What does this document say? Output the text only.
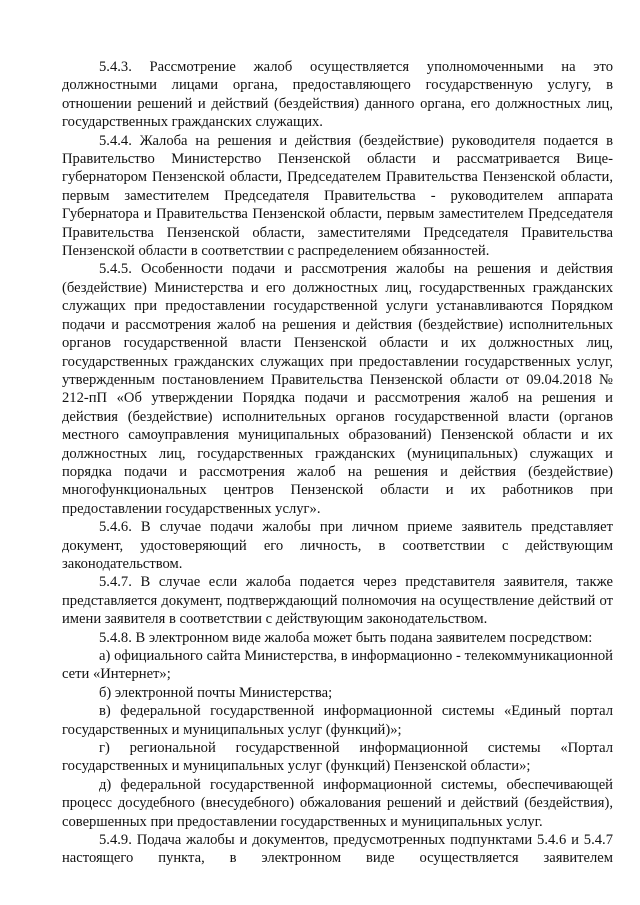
5.4.3. Рассмотрение жалоб осуществляется уполномоченными на это должностными лицами органа, предоставляющего государственную услугу, в отношении решений и действий (бездействия) данного органа, его должностных лиц, государственных гражданских служащих.

5.4.4. Жалоба на решения и действия (бездействие) руководителя подается в Правительство Министерство Пензенской области и рассматривается Вице-губернатором Пензенской области, Председателем Правительства Пензенской области, первым заместителем Председателя Правительства - руководителем аппарата Губернатора и Правительства Пензенской области, первым заместителем Председателя Правительства Пензенской области, заместителями Председателя Правительства Пензенской области в соответствии с распределением обязанностей.

5.4.5. Особенности подачи и рассмотрения жалобы на решения и действия (бездействие) Министерства и его должностных лиц, государственных гражданских служащих при предоставлении государственной услуги устанавливаются Порядком подачи и рассмотрения жалоб на решения и действия (бездействие) исполнительных органов государственной власти Пензенской области и их должностных лиц, государственных гражданских служащих при предоставлении государственных услуг, утвержденным постановлением Правительства Пензенской области от 09.04.2018 № 212-пП «Об утверждении Порядка подачи и рассмотрения жалоб на решения и действия (бездействие) исполнительных органов государственной власти (органов местного самоуправления муниципальных образований) Пензенской области и их должностных лиц, государственных гражданских (муниципальных) служащих и порядка подачи и рассмотрения жалоб на решения и действия (бездействие) многофункциональных центров Пензенской области и их работников при предоставлении государственных услуг».

5.4.6. В случае подачи жалобы при личном приеме заявитель представляет документ, удостоверяющий его личность, в соответствии с действующим законодательством.

5.4.7. В случае если жалоба подается через представителя заявителя, также представляется документ, подтверждающий полномочия на осуществление действий от имени заявителя в соответствии с действующим законодательством.

5.4.8. В электронном виде жалоба может быть подана заявителем посредством:

а) официального сайта Министерства, в информационно - телекоммуникационной сети «Интернет»;

б) электронной почты Министерства;

в) федеральной государственной информационной системы «Единый портал государственных и муниципальных услуг (функций)»;

г) региональной государственной информационной системы «Портал государственных и муниципальных услуг (функций) Пензенской области»;

д) федеральной государственной информационной системы, обеспечивающей процесс досудебного (внесудебного) обжалования решений и действий (бездействия), совершенных при предоставлении государственных и муниципальных услуг.

5.4.9. Подача жалобы и документов, предусмотренных подпунктами 5.4.6 и 5.4.7 настоящего пункта, в электронном виде осуществляется заявителем
